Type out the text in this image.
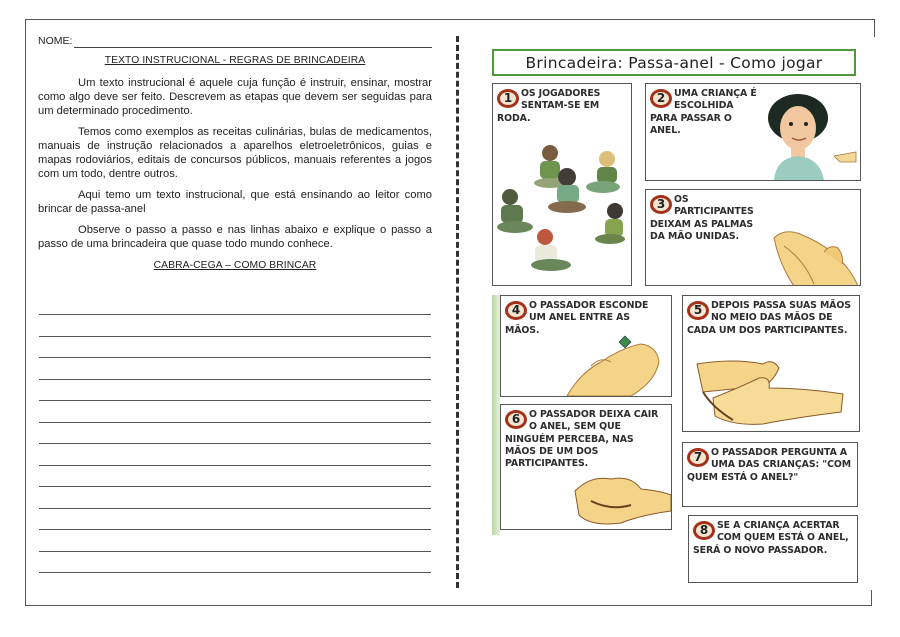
NOME:
TEXTO INSTRUCIONAL - REGRAS DE BRINCADEIRA

Um texto instrucional é aquele cuja função é instruir, ensinar, mostrar como algo deve ser feito. Descrevem as etapas que devem ser seguidas para um determinado procedimento.

Temos como exemplos as receitas culinárias, bulas de medicamentos, manuais de instrução relacionados a aparelhos eletroeletrônicos, guias e mapas rodoviários, editais de concursos públicos, manuais referentes a jogos com um todo, dentre outros.

Aqui temo um texto instrucional, que está ensinando ao leitor como brincar de passa-anel

Observe o passo a passo e nas linhas abaixo e explique o passo a passo de uma brincadeira que quase todo mundo conhece.

CABRA-CEGA – COMO BRINCAR
Brincadeira: Passa-anel - Como jogar
1 OS JOGADORES SENTAM-SE EM RODA.
2 UMA CRIANÇA É ESCOLHIDA PARA PASSAR O ANEL.
3 OS PARTICIPANTES DEIXAM AS PALMAS DA MÃO UNIDAS.
4 O PASSADOR ESCONDE UM ANEL ENTRE AS MÃOS.
5 DEPOIS PASSA SUAS MÃOS NO MEIO DAS MÃOS DE CADA UM DOS PARTICIPANTES.
6 O PASSADOR DEIXA CAIR O ANEL, SEM QUE NINGUÉM PERCEBA, NAS MÃOS DE UM DOS PARTICIPANTES.	7 O PASSADOR PERGUNTA A UMA DAS CRIANÇAS: "COM QUEM ESTÁ O ANEL?"
8 SE A CRIANÇA ACERTAR COM QUEM ESTÁ O ANEL, SERÁ O NOVO PASSADOR.
